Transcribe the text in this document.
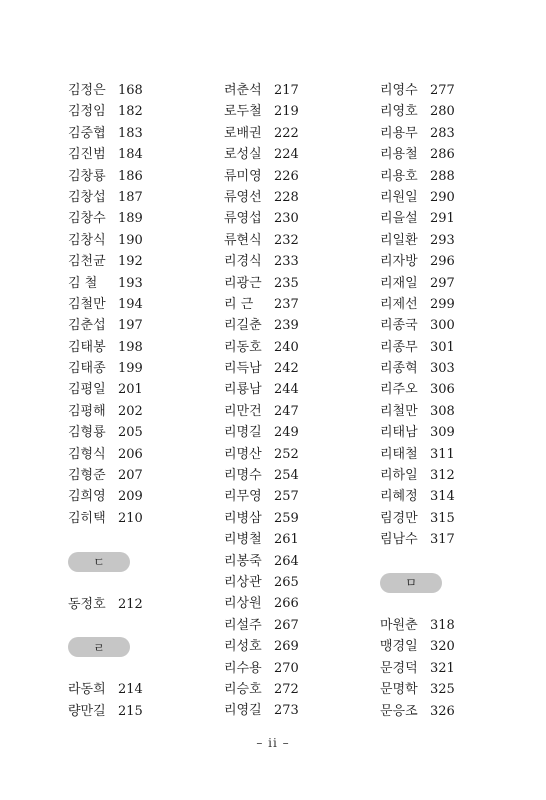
김정은 168
김정임 182
김중협 183
김진범 184
김창룡 186
김창섭 187
김창수 189
김창식 190
김천균 192
김 철	193
김철만 194
김춘섭 197
김태봉 198
김태종 199
김평일 201
김평해 202
김형룡 205
김형식 206
김형준 207
김희영 209
김히택 210
ㄷ
동정호 212
ㄹ
라동희 214
량만길 215
려춘석 217
로두철 219
로배권 222
로성실 224
류미영 226
류영선 228
류영섭 230
류현식 232
리경식 233
리광근 235
리 근	237
리길춘 239
리동호 240
리득남 242
리룡남 244
리만건 247
리명길 249
리명산 252
리명수 254
리무영 257
리병삼 259
리병철 261
리봉죽 264
리상관 265
리상원 266
리설주 267
리성호 269
리수용 270
리승호 272
리영길 273
리영수 277
리영호 280
리용무 283
리용철 286
리용호 288
리원일 290
리을설 291
리일환 293
리자방 296
리재일 297
리제선 299
리종국 300
리종무 301
리종혁 303
리주오 306
리철만 308
리태남 309
리태철 311
리하일 312
리혜정 314
림경만 315
림남수 317
ㅁ
마원춘 318
맹경일 320
문경덕 321
문명학 325
문응조 326
– ii –
